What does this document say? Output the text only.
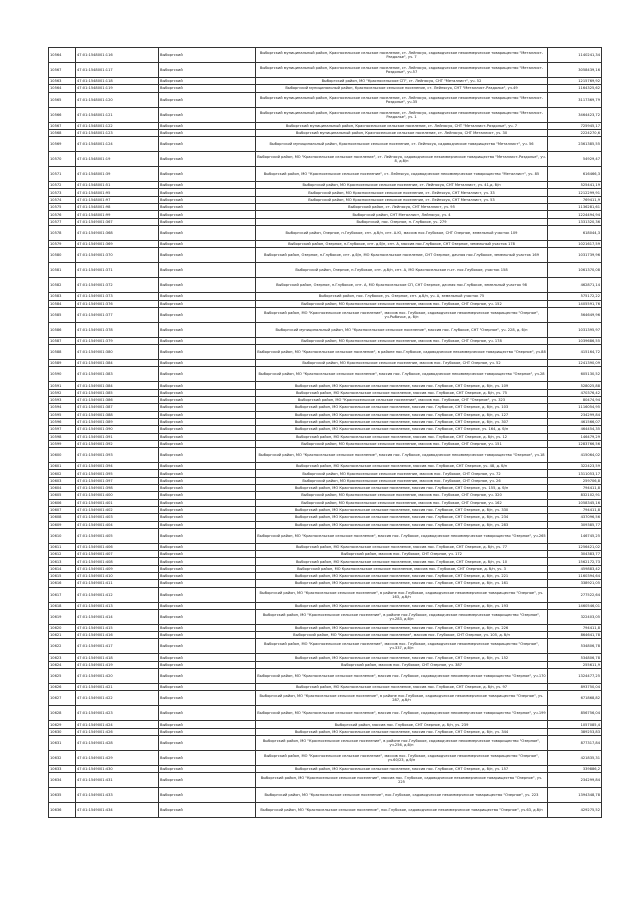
10564	47:01:1548001:116	Выборгский	Выборгский муниципальный район, Красносельское сельское поселение, ст. Лейпясуо, садоводческое некоммерческое товарищество "Металлист-Раздолье", уч. 7	1140241,34
10567	47:01:1548001:117	Выборгский	Выборгский муниципальный район, Красносельское сельское поселение, ст. Лейпясуо, садоводческое некоммерческое товарищество "Металлист-Раздолье", уч.57	3058439,16
10563	47:01:1548001:118	Выборгский	Выборгский район, МО "Красносельское СП", ст. Лейпясуо, СНТ "Металлист", уч. 52	1215769,92
10564	47:01:1548001:119	Выборгский	Выборгский муниципальный район, Красносельское сельское поселение, ст. Лейпясуо, СНТ "Металлист-Раздолье", уч.49	1164325,62
10565	47:01:1548001:120	Выборгский	Выборгский муниципальный район, Красносельское сельское поселение, ст. Лейпясуо, садоводческое некоммерческое товарищество "Металлист-Раздолье", уч.35	3117369,79
10566	47:01:1548001:121	Выборгский	Выборгский муниципальный район, Красносельское сельское поселение, ст. Лейпясуо, садоводческое некоммерческое товарищество "Металлист-Раздолье", уч. 1	3464423,72
10567	47:01:1548001:122	Выборгский	Выборгский муниципальный район, Красносельское сельское поселение, ст. Лейпясуо, СНТ "Металлист-Раздолье", уч. 7	725945,17
10568	47:01:1548001:123	Выборгский	Выборгский муниципальный район, Красносельское сельское поселение, ст. Лейпясуо, СНТ Металлист, уч. 30	2224270,6
10569	47:01:1548001:124	Выборгский	Выборгский муниципальный район, Красносельское сельское поселение, ст. Лейпясуо, садоводческое товарищество "Металлист", уч. 56	2361385,55
10570	47:01:1548001:19	Выборгский	Выборгский район, МО "Красносельское сельское поселение", ст. Лейпясуо, садоводческое некоммерческое товарищество "Металлист-Раздолье", уч. 8, д.б/н	54929,47
10571	47:01:1548001:39	Выборгский	Выборгский район, МО "Красносельское сельское поселение", ст. Лейпясуо, садоводческое некоммерческое товарищество "Металлист", уч. 85	616466,3
10572	47:01:1548001:51	Выборгский	Выборгский район, МО Красносельское сельское поселение, ст. Лейпясуо, СНТ Металлист, уч. 41,д. б/н	525441,19
10573	47:01:1548001:95	Выборгский	Выборгский район, МО Красносельское сельское поселение, ст. Лейпясуо, СНТ Металлист, уч. 33	1212299,91
10574	47:01:1548001:97	Выборгский	Выборгский район, МО Красносельское сельское поселение, ст. Лейпясуо, СНТ Металлист, уч. 53	769411,9
10575	47:01:1548001:98	Выборгский	Выборгский район, ст. Лейпясуо, СНТ Металлист, уч. 95	1136281,61
10576	47:01:1548001:99	Выборгский	Выборгский район, СНТ Металлист, Лейпясуо, уч. 4	1224494,94
10577	47:01:1549001:367	Выборгский	Выборгский, пос. Озерное, п. Глубокое, уч. 279	1331320,36
10578	47:01:1549001:368	Выборгский	Выборгский район, Озерное, п.Глубокое, снт. д.б/н, снт. А.Ю, массив пос.Глубокое, СНТ Озерное, земельный участок 109	618044,3
10579	47:01:1549001:369	Выборгский	Выборгский район, Озерное, п.Глубокое, снт. д.б/н, снт. А, массив пос.Глубокое, СНТ Озерное, земельный участок 178	1021617,59
10580	47:01:1549001:370	Выборгский	Выборгский район, Озерное, п.Глубокое, снт. д.б/н, МО Красносельское поселение, СНТ Озерное, дачная пос.Глубокое, земельный участок 169	1031739,96
10581	47:01:1549001:371	Выборгский	Выборгский район, Озерное, п.Глубокое, снт. д.б/н, снт. А, МО Красносельское п.ст. пос.Глубокое, участок 158	1061370,08
10582	47:01:1549001:372	Выборгский	Выборгский район, Озерное, п.Глубокое, снт. А, МО Красносельское СП, СНТ Озерное, дачная пос.Глубокое, земельный участок 98	462871,14
10583	47:01:1549001:373	Выборгский	Выборгский район, пос. Глубокое, уч. Озерное, снт. д.б/н, уч. А, земельный участок 75	575172,22
10584	47:01:1549001:376	Выборгский	Выборгский район, МО Красносельское сельское поселение, массив пос. Глубокое, СНТ Озерное, уч. 152	1405591,76
10585	47:01:1549001:377	Выборгский	Выборгский район, МО "Красносельское сельское поселение", массив пос. Глубокое, садоводческое некоммерческое товарищество "Озерное", уч.Рыбачье, д. б/н	564649,96
10586	47:01:1549001:378	Выборгский	Выборгский муниципальный район, МО "Красносельское сельское поселение", массив пос. Глубокое, СНТ "Озерное", уч. 228, д. б/н	1031395,97
10587	47:01:1549001:379	Выборгский	Выборгский район, МО Красносельское сельское поселение, массив пос. Глубокое, СНТ Озерное, уч. 178	1039686,55
10588	47:01:1549001:380	Выборгский	Выборгский район, МО "Красносельское сельское поселение", в районе пос.Глубокое, садоводческое некоммерческое товарищество "Озерное", уч.88	415164,72
10589	47:01:1549001:384	Выборгский	Выборгский район, МО Красносельское сельское поселение, массив пос. Глубокое, СНТ Озерное, уч. 52	1241390,09
10590	47:01:1549001:383	Выборгский	Выборгский район, МО "Красносельское сельское поселение", массив пос. Глубокое, садоводческое некоммерческое товарищество "Озерное", уч.28	605130,52
10591	47:01:1549001:384	Выборгский	Выборгский район, МО Красносельское сельское поселение, массив пос. Глубокое, СНТ Озерное, д. б/н, уч. 109	528025,88
10592	47:01:1549001:385	Выборгский	Выборгский район, МО Красносельское сельское поселение, массив пос. Глубокое, СНТ Озерное, д. б/н, уч. 75	470376,42
10593	47:01:1549001:386	Выборгский	Выборгский район, МО "Красносельское сельское поселение", массив пос. Глубокое, СНТ "Озерное", уч. 323	80474,94
10594	47:01:1549001:387	Выборгский	Выборгский район, МО Красносельское сельское поселение, массив пос. Глубокое, СНТ Озерное, д. б/н, уч. 103	1116054,95
10595	47:01:1549001:388	Выборгский	Выборгский район, МО Красносельское сельское поселение, массив пос. Глубокое, СНТ Озерное, д. б/н, уч. 127	234299,84
10596	47:01:1549001:389	Выборгский	Выборгский район, МО Красносельское сельское поселение, массив пос. Глубокое, СНТ Озерное, д. б/н, уч. 307	461566,07
10597	47:01:1549001:390	Выборгский	Выборгский район, МО Красносельское сельское поселение, массив пос. Глубокое, СНТ Озерное, уч. 164, д. б/н	464454,35
10598	47:01:1549001:391	Выборгский	Выборгский район, МО Красносельское сельское поселение, массив пос. Глубокое, СНТ Озерное, д. б/н, уч. 12	146479,29
10599	47:01:1549001:392	Выборгский	Выборгский район, МО Красносельское сельское поселение, массив пос. Глубокое, СНТ Озерное, уч. 151	1283766,56
10600	47:01:1549001:393	Выборгский	Выборгский район, МО "Красносельское сельское поселение", массив пос. Глубокое, садоводческое некоммерческое товарищество "Озерное", уч.18	415064,02
10601	47:01:1549001:394	Выборгский	Выборгский район, МО Красносельское сельское поселение, массив пос. Глубокое, СНТ Озерное, уч. 48, д. б/н	322423,59
10602	47:01:1549001:395	Выборгский	Выборгский район, МО Красносельское сельское поселение, массив пос. Глубокое, СНТ Озерное, уч. 72	1311053,17
10603	47:01:1549001:397	Выборгский	Выборгский район, МО Красносельское сельское поселение, массив пос. Глубокое, СНТ Озерное, уч. 26	259706,8
10604	47:01:1549001:398	Выборгский	Выборгский район, МО Красносельское сельское поселение, массив пос. Глубокое, СНТ Озерное, уч. 155, д. б/н	794411,8
10605	47:01:1549001:400	Выборгский	Выборгский район, МО Красносельское сельское поселение, массив пос. Глубокое, СНТ Озерное, уч. 320	832102,91
10606	47:01:1549001:401	Выборгский	Выборгский район, МО Красносельское сельское поселение, массив пос. Глубокое, СНТ Озерное, уч. 162	1058345,16
10607	47:01:1549001:402	Выборгский	Выборгский район, МО Красносельское сельское поселение, массив пос. Глубокое, СНТ Озерное, д. б/н, уч. 330	794411,8
10608	47:01:1549001:403	Выборгский	Выборгский район, МО Красносельское сельское поселение, массив пос. Глубокое, СНТ Озерное, д. б/н, уч. 234	437096,56
10609	47:01:1549001:404	Выборгский	Выборгский район, МО Красносельское сельское поселение, массив пос. Глубокое, СНТ Озерное, д. б/н, уч. 283	309385,77
10610	47:01:1549001:405	Выборгский	Выборгский район, МО "Красносельское сельское поселение", массив пос. Глубокое, садоводческое некоммерческое товарищество "Озерное", уч.265	146745,25
10611	47:01:1549001:406	Выборгский	Выборгский район, МО Красносельское сельское поселение, массив пос. Глубокое, СНТ Озерное, д. б/н, уч. 77	1256421,02
10612	47:01:1549001:407	Выборгский	Выборгский район, массив пос. Глубокое, СНТ Озерное, уч. 172	304383,77
10613	47:01:1549001:408	Выборгский	Выборгский район, МО Красносельское сельское поселение, массив пос. Глубокое, СНТ Озерное, д. б/н, уч. 10	1562172,73
10614	47:01:1549001:409	Выборгский	Выборгский район, МО Красносельское сельское поселение, массив пос. Глубокое, СНТ Озерное, д. б/н, уч. 3	459883,42
10615	47:01:1549001:410	Выборгский	Выборгский район, МО Красносельское сельское поселение, массив пос. Глубокое, СНТ Озерное, д. б/н, уч. 221	1160394,64
10616	47:01:1549001:411	Выборгский	Выборгский район, МО Красносельское сельское поселение, массив пос. Глубокое, СНТ Озерное, д. б/н, уч. 161	338921,05
10617	47:01:1549001:412	Выборгский	Выборгский район, МО "Красносельское сельское поселение", в районе пос.Глубокое, садоводческое некоммерческое товарищество "Озерное", уч. 163, д.б/н	277522,64
10618	47:01:1549001:413	Выборгский	Выборгский район, МО Красносельское сельское поселение, массив пос. Глубокое, СНТ Озерное, д. б/н, уч. 193	1460546,01
10619	47:01:1549001:414	Выборгский	Выборгский район, МО "Красносельское сельское поселение", в районе пос.Глубокое, садоводческое некоммерческое товарищество "Озерное", уч.283, д.б/н	322403,05
10620	47:01:1549001:415	Выборгский	Выборгский район, МО Красносельское сельское поселение, массив пос. Глубокое, СНТ Озерное, д. б/н, уч. 226	794411,8
10621	47:01:1549001:416	Выборгский	Выборгский район, МО "Красносельское сельское поселение", массив пос. Глубокое, СНТ Озерное, уч. 105, д. б/н	864641,78
10622	47:01:1549001:417	Выборгский	Выборгский район, МО "Красносельское сельское поселение", массив пос. Глубокое, садоводческое некоммерческое товарищество "Озерное", уч.337, д.б/н	534806,78
10623	47:01:1549001:418	Выборгский	Выборгский район, МО Красносельское сельское поселение, массив пос. Глубокое, СНТ Озерное, д. б/н, уч. 152	534806,78
10624	47:01:1549001:419	Выборгский	Выборгский район, массив пос. Глубокое, СНТ Озерное, уч. 387	255611,9
10625	47:01:1549001:420	Выборгский	Выборгский район, МО "Красносельское сельское поселение", массив пос. Глубокое, садоводческое некоммерческое товарищество "Озерное", уч.170	1324477,25
10626	47:01:1549001:421	Выборгский	Выборгский район, МО Красносельское сельское поселение, массив пос. Глубокое, СНТ Озерное, д. б/н, уч. 97	893750,04
10627	47:01:1549001:422	Выборгский	Выборгский район, МО "Красносельское сельское поселение", в районе пос.Глубокое, садоводческое некоммерческое товарищество "Озерное", уч. 287, д.б/н	671868,82
10628	47:01:1549001:423	Выборгский	Выборгский район, МО "Красносельское сельское поселение", массив пос. Глубокое, садоводческое некоммерческое товарищество "Озерное", уч.199	856756,04
10629	47:01:1549001:424	Выборгский	Выборгский район, массив пос. Глубокое, СНТ Озерное, д. б/н, уч. 239	1057085,4
10630	47:01:1549001:426	Выборгский	Выборгский район, МО Красносельское сельское поселение, массив пос. Глубокое, СНТ Озерное, д. б/н, уч. 344	389253,83
10631	47:01:1549001:428	Выборгский	Выборгский район, МО "Красносельское сельское поселение", в районе пос.Глубокое, садоводческое некоммерческое товарищество "Озерное", уч.256, д.б/н	877317,84
10632	47:01:1549001:429	Выборгский	Выборгский район, МО "Красносельское сельское поселение", массив пос. Глубокое, садоводческое некоммерческое товарищество "Озерное", уч.60/23, д.б/н	421835,31
10633	47:01:1549001:430	Выборгский	Выборгский район, МО Красносельское сельское поселение, массив пос. Глубокое, СНТ Озерное, д. б/н, уч. 157	339886,2
10634	47:01:1549001:431	Выборгский	Выборгский район, МО "Красносельское сельское поселение", массив пос. Глубокое, садоводческое некоммерческое товарищество "Озерное", уч. 225	234299,84
10635	47:01:1549001:433	Выборгский	Выборгский район, МО "Красносельское сельское поселение", пос.Глубокое, садоводческое некоммерческое товарищество "Озерное", уч. 223	1394348,78
10636	47:01:1549001:434	Выборгский	Выборгский район, МО "Красносельское сельское поселение", пос.Глубокое, садоводческое некоммерческое товарищество "Озерное", уч.63, д.б/н	429275,52
